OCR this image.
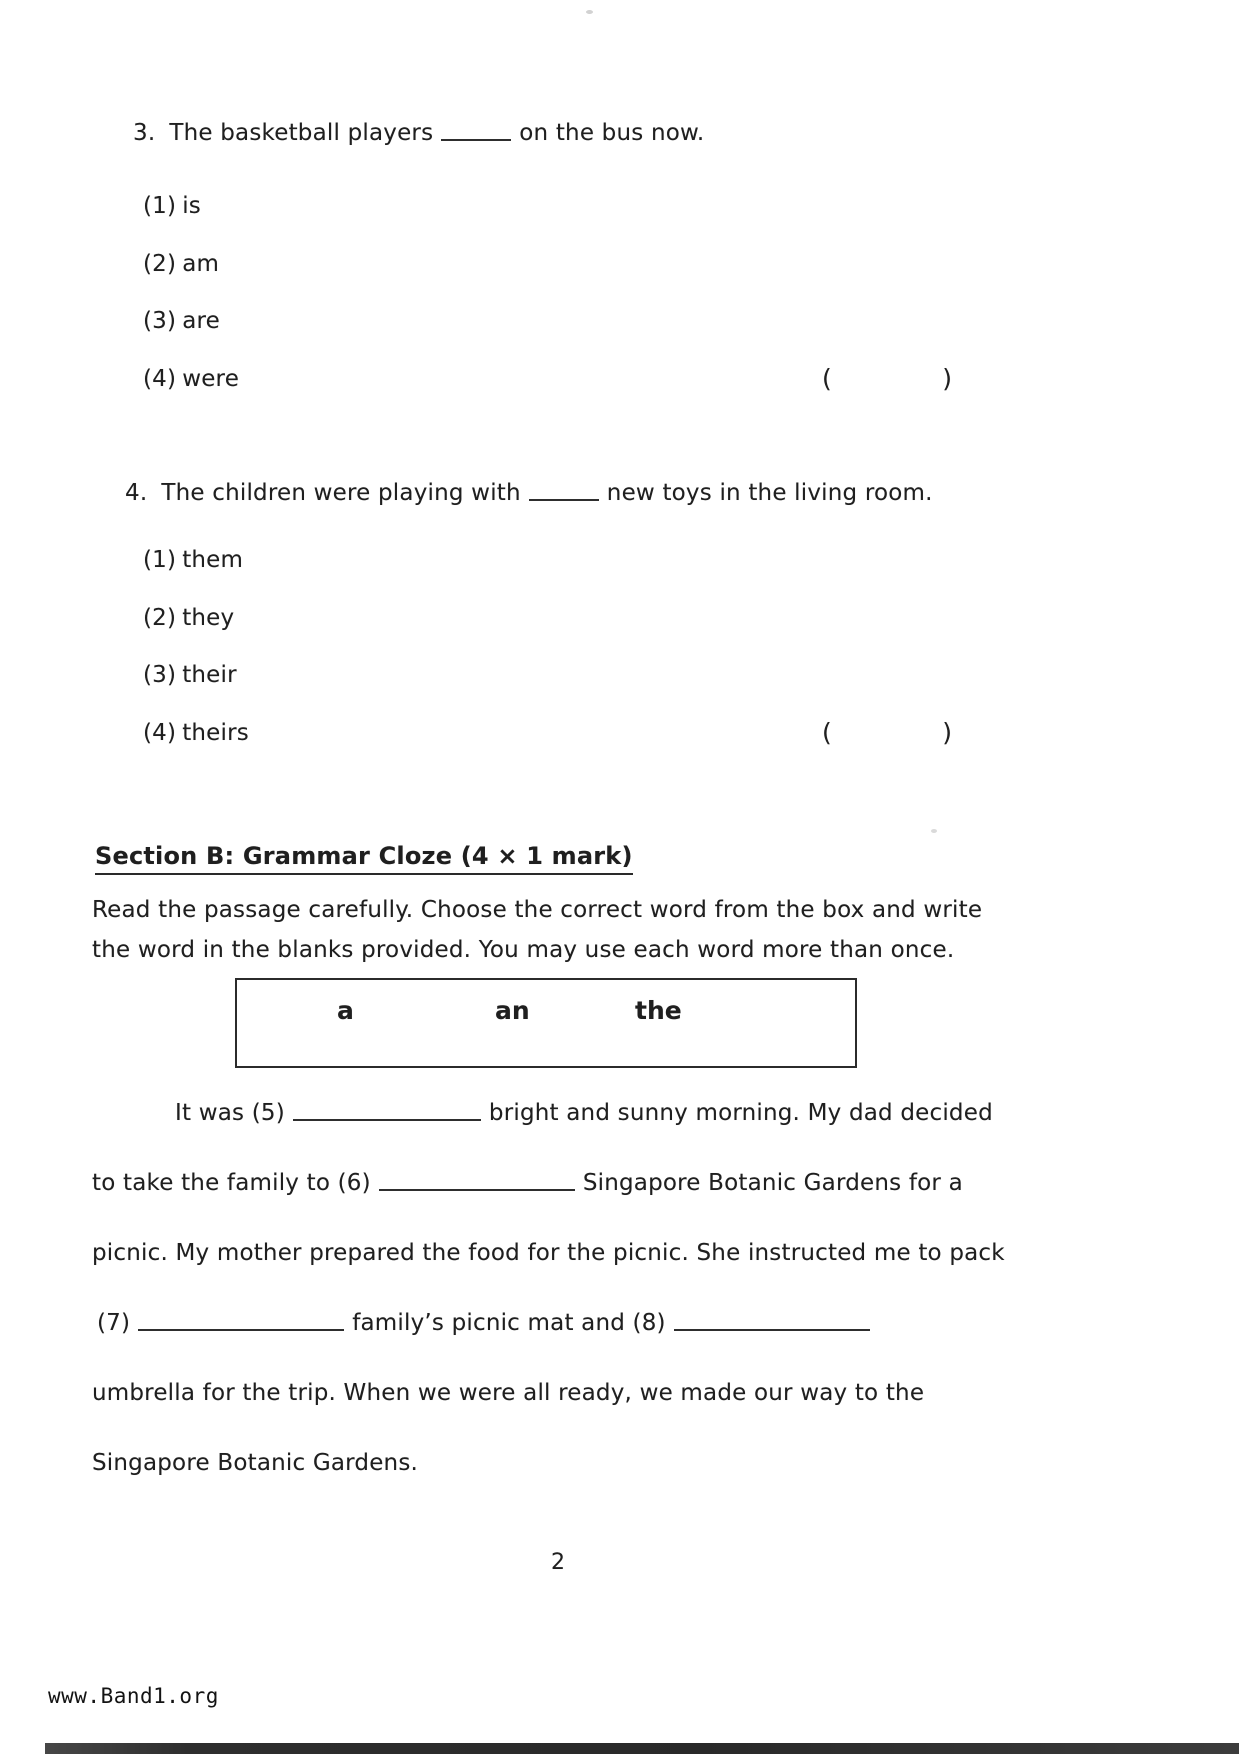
3. The basketball players	on the bus now.
(1) is
(2) am
(3) are
(4) were	(	)
4. The children were playing with	new toys in the living room.
(1) them
(2) they
(3) their
(4) theirs	(	)
Section B: Grammar Cloze (4 × 1 mark)
Read the passage carefully. Choose the correct word from the box and write
the word in the blanks provided. You may use each word more than once.
a	an	the
It was (5)	bright and sunny morning. My dad decided
to take the family to (6)	Singapore Botanic Gardens for a
picnic. My mother prepared the food for the picnic. She instructed me to pack
(7)	family’s picnic mat and (8)
umbrella for the trip. When we were all ready, we made our way to the
Singapore Botanic Gardens.
2
www.Band1.org
